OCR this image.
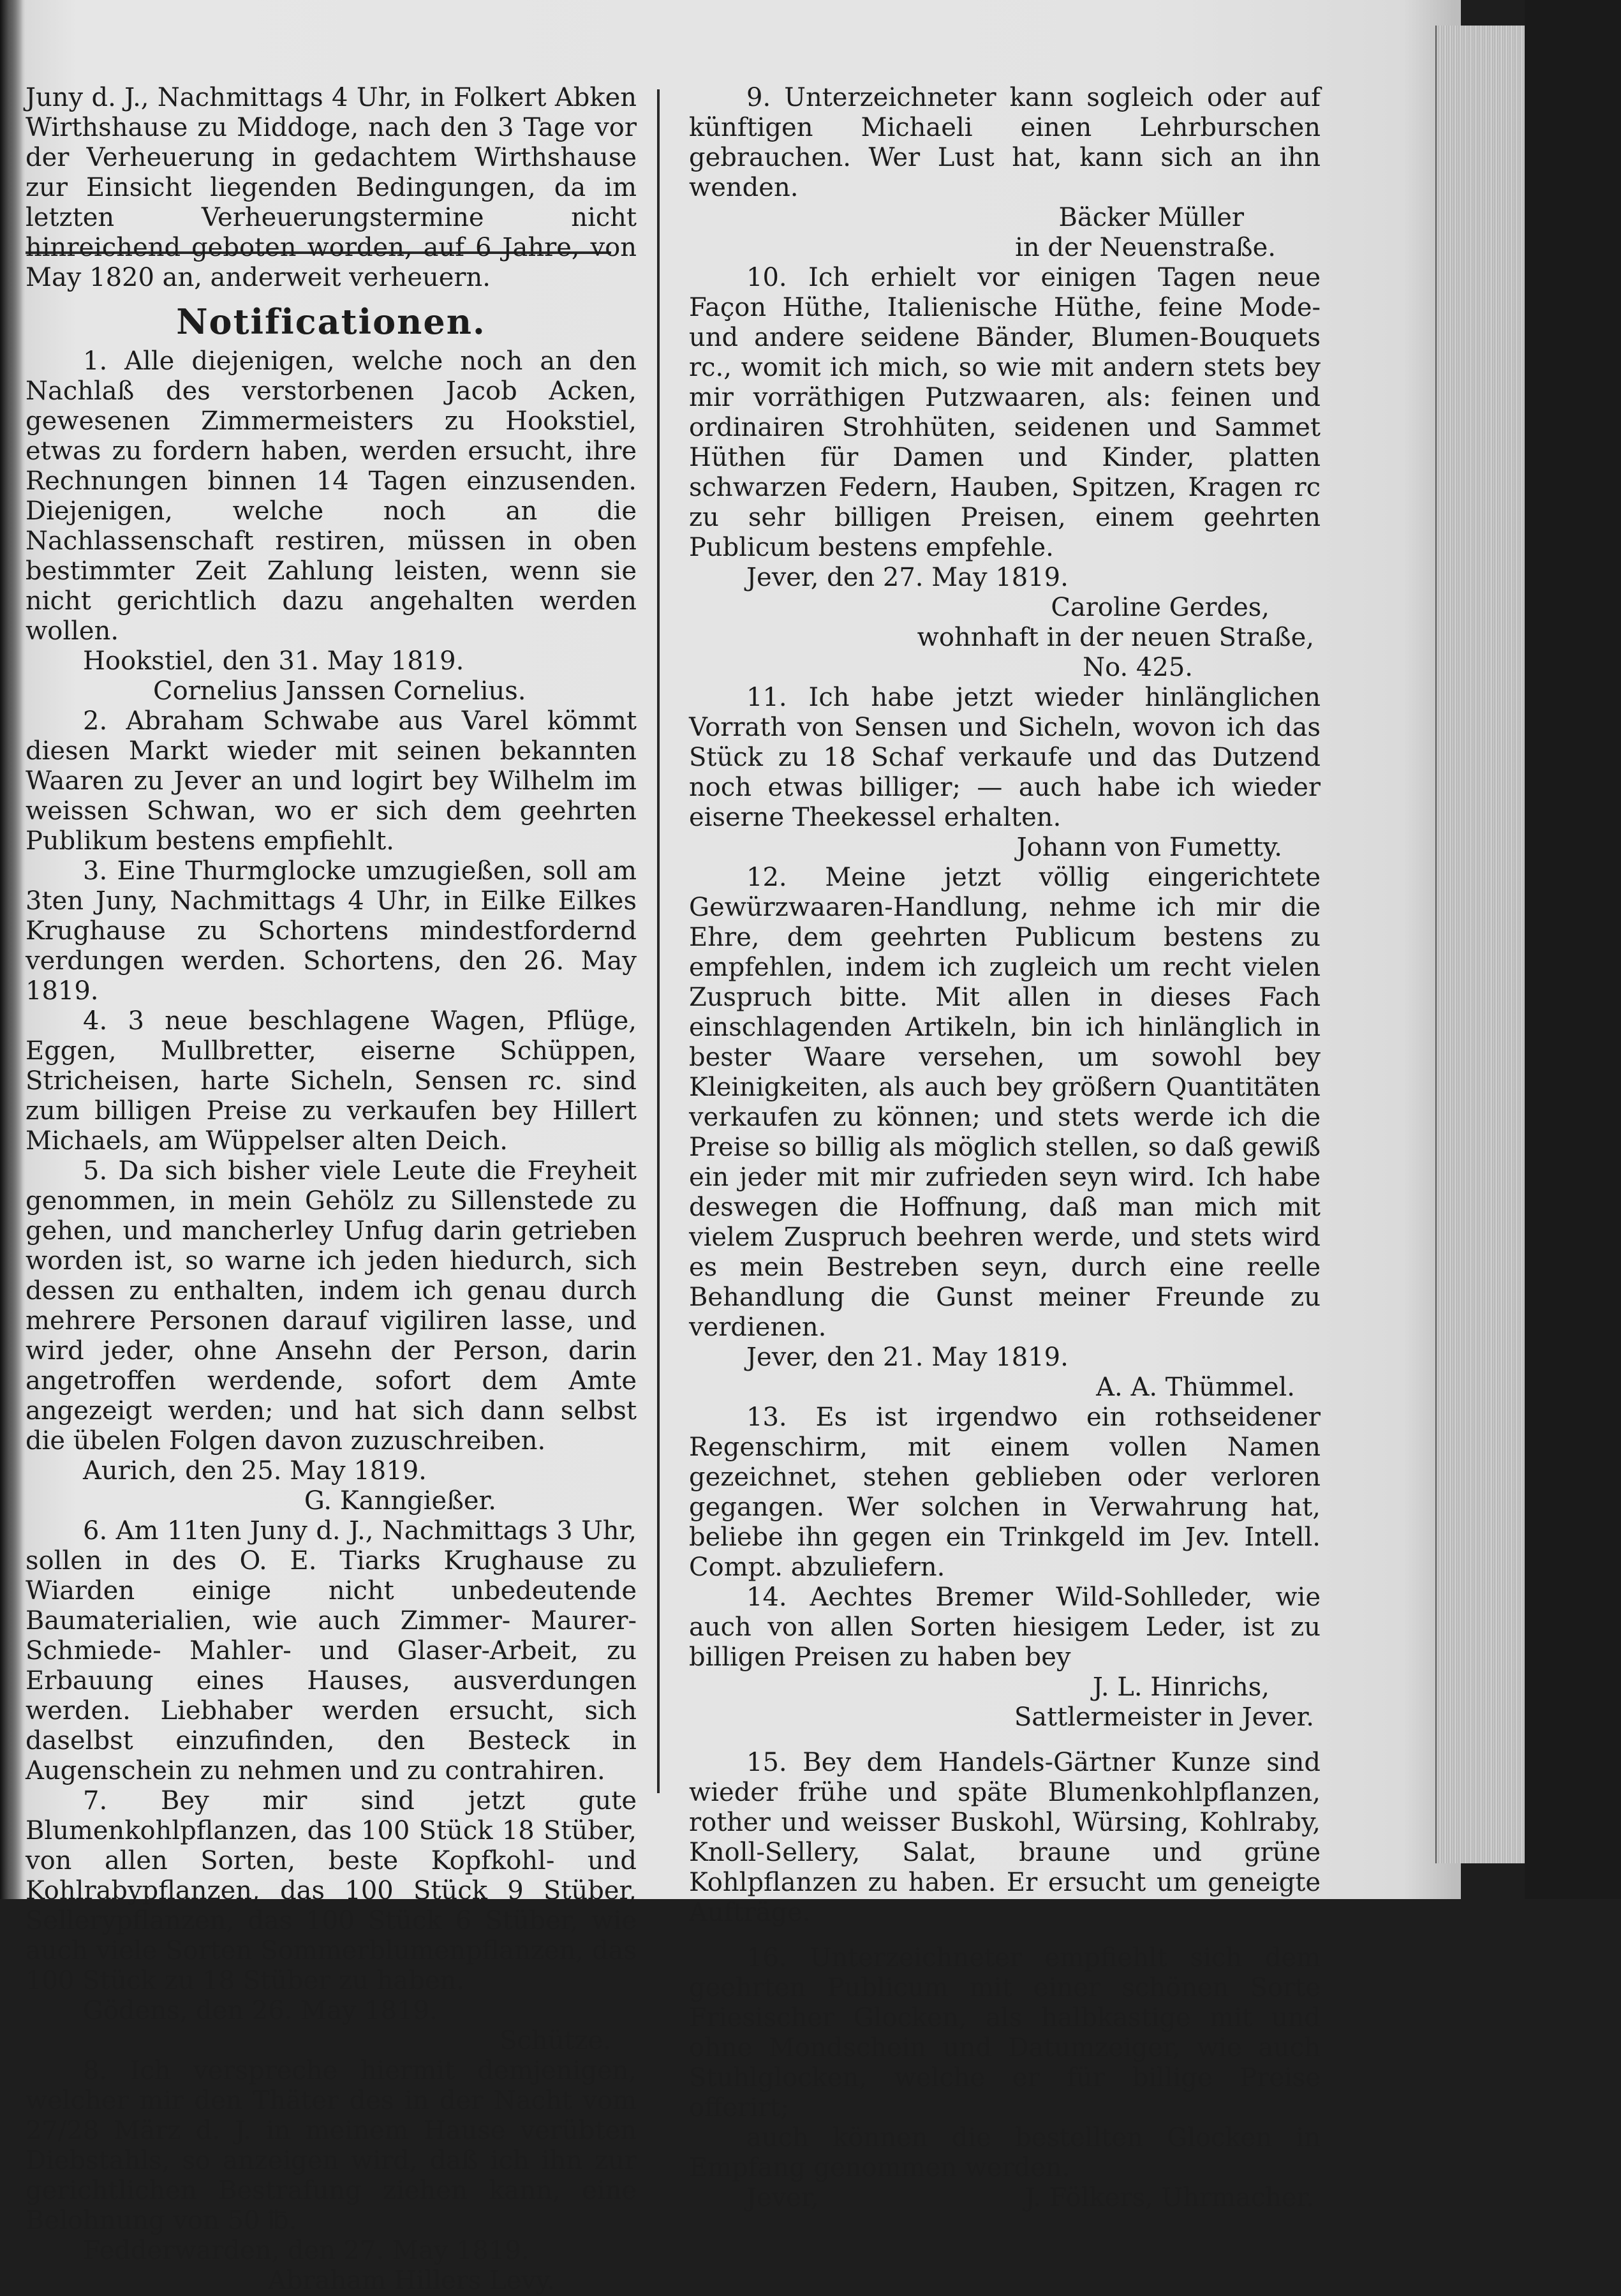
Juny d. J., Nachmittags 4 Uhr, in Folkert Abken Wirthshause zu Middoge, nach den 3 Tage vor der Verheuerung in gedachtem Wirthshause zur Einsicht liegenden Bedingungen, da im letzten Verheuerungstermine nicht hinreichend geboten worden, auf 6 Jahre, von May 1820 an, anderweit verheuern.

Notificationen.

1. Alle diejenigen, welche noch an den Nachlaß des verstorbenen Jacob Acken, gewesenen Zimmermeisters zu Hookstiel, etwas zu fordern haben, werden ersucht, ihre Rechnungen binnen 14 Tagen einzusenden. Diejenigen, welche noch an die Nachlassenschaft restiren, müssen in oben bestimmter Zeit Zahlung leisten, wenn sie nicht gerichtlich dazu angehalten werden wollen.

Hookstiel, den 31. May 1819.

Cornelius Janssen Cornelius.

2. Abraham Schwabe aus Varel kömmt diesen Markt wieder mit seinen bekannten Waaren zu Jever an und logirt bey Wilhelm im weissen Schwan, wo er sich dem geehrten Publikum bestens empfiehlt.

3. Eine Thurmglocke umzugießen, soll am 3ten Juny, Nachmittags 4 Uhr, in Eilke Eilkes Krughause zu Schortens mindestfordernd verdungen werden. Schortens, den 26. May 1819.

4. 3 neue beschlagene Wagen, Pflüge, Eggen, Mullbretter, eiserne Schüppen, Stricheisen, harte Sicheln, Sensen rc. sind zum billigen Preise zu verkaufen bey Hillert Michaels, am Wüppelser alten Deich.

5. Da sich bisher viele Leute die Freyheit genommen, in mein Gehölz zu Sillenstede zu gehen, und mancherley Unfug darin getrieben worden ist, so warne ich jeden hiedurch, sich dessen zu enthalten, indem ich genau durch mehrere Personen darauf vigiliren lasse, und wird jeder, ohne Ansehn der Person, darin angetroffen werdende, sofort dem Amte angezeigt werden; und hat sich dann selbst die übelen Folgen davon zuzuschreiben.

Aurich, den 25. May 1819.

G. Kanngießer.

6. Am 11ten Juny d. J., Nachmittags 3 Uhr, sollen in des O. E. Tiarks Krughause zu Wiarden einige nicht unbedeutende Baumaterialien, wie auch Zimmer- Maurer- Schmiede- Mahler- und Glaser-Arbeit, zu Erbauung eines Hauses, ausverdungen werden. Liebhaber werden ersucht, sich daselbst einzufinden, den Besteck in Augenschein zu nehmen und zu contrahiren.

7. Bey mir sind jetzt gute Blumenkohlpflanzen, das 100 Stück 18 Stüber, von allen Sorten, beste Kopfkohl- und Kohlrabypflanzen, das 100 Stück 9 Stüber, Sellerypflanzen, das 100 Stück 6 Stüber, wie auch viele Sorten Sommerblumenpflanzen, das 100 Stück zu 18 Stüber zu haben.

Gödens, den 26. May 1819.

Schütze.

8. Ich verspreche hiermit demjenigen, welcher mir den Thäter des in der Nacht vom 27/28 März d. J. in meinem Hause verübten Diebstahls, so anzeigen wird, daß ich ihn zur gerichtlichen Bestrafung ziehen kann, eine Belohnung von 50 ℔.

Fedderwarden, den 27. May 1819.

Abraham Hillers Levy.

9. Unterzeichneter kann sogleich oder auf künftigen Michaeli einen Lehrburschen gebrauchen. Wer Lust hat, kann sich an ihn wenden.

Bäcker Müller

in der Neuenstraße.

10. Ich erhielt vor einigen Tagen neue Façon Hüthe, Italienische Hüthe, feine Mode- und andere seidene Bänder, Blumen-Bouquets rc., womit ich mich, so wie mit andern stets bey mir vorräthigen Putzwaaren, als: feinen und ordinairen Strohhüten, seidenen und Sammet Hüthen für Damen und Kinder, platten schwarzen Federn, Hauben, Spitzen, Kragen rc zu sehr billigen Preisen, einem geehrten Publicum bestens empfehle.

Jever, den 27. May 1819.

Caroline Gerdes,

wohnhaft in der neuen Straße,

No. 425.

11. Ich habe jetzt wieder hinlänglichen Vorrath von Sensen und Sicheln, wovon ich das Stück zu 18 Schaf verkaufe und das Dutzend noch etwas billiger; — auch habe ich wieder eiserne Theekessel erhalten.

Johann von Fumetty.

12. Meine jetzt völlig eingerichtete Gewürzwaaren-Handlung, nehme ich mir die Ehre, dem geehrten Publicum bestens zu empfehlen, indem ich zugleich um recht vielen Zuspruch bitte. Mit allen in dieses Fach einschlagenden Artikeln, bin ich hinlänglich in bester Waare versehen, um sowohl bey Kleinigkeiten, als auch bey größern Quantitäten verkaufen zu können; und stets werde ich die Preise so billig als möglich stellen, so daß gewiß ein jeder mit mir zufrieden seyn wird. Ich habe deswegen die Hoffnung, daß man mich mit vielem Zuspruch beehren werde, und stets wird es mein Bestreben seyn, durch eine reelle Behandlung die Gunst meiner Freunde zu verdienen.

Jever, den 21. May 1819.

A. A. Thümmel.

13. Es ist irgendwo ein rothseidener Regenschirm, mit einem vollen Namen gezeichnet, stehen geblieben oder verloren gegangen. Wer solchen in Verwahrung hat, beliebe ihn gegen ein Trinkgeld im Jev. Intell. Compt. abzuliefern.

14. Aechtes Bremer Wild-Sohlleder, wie auch von allen Sorten hiesigem Leder, ist zu billigen Preisen zu haben bey

J. L. Hinrichs,

Sattlermeister in Jever.

15. Bey dem Handels-Gärtner Kunze sind wieder frühe und späte Blumenkohlpflanzen, rother und weisser Buskohl, Würsing, Kohlraby, Knoll-Sellery, Salat, braune und grüne Kohlpflanzen zu haben. Er ersucht um geneigte Aufträge.

16. Unterzeichneter empfiehlt sich dem geehrten Publicum mit einer schönen Sorte Friesischer Glocken, als halbkastige mit und ohne Mondschein und Datumzeiger, wie auch Stuhlglocken, welche er für billige Preise offerirt;

auch können die bestellten Glocken in Empfang genommen werden.

Jever,	J. Fölkers, Uhrmacher.
